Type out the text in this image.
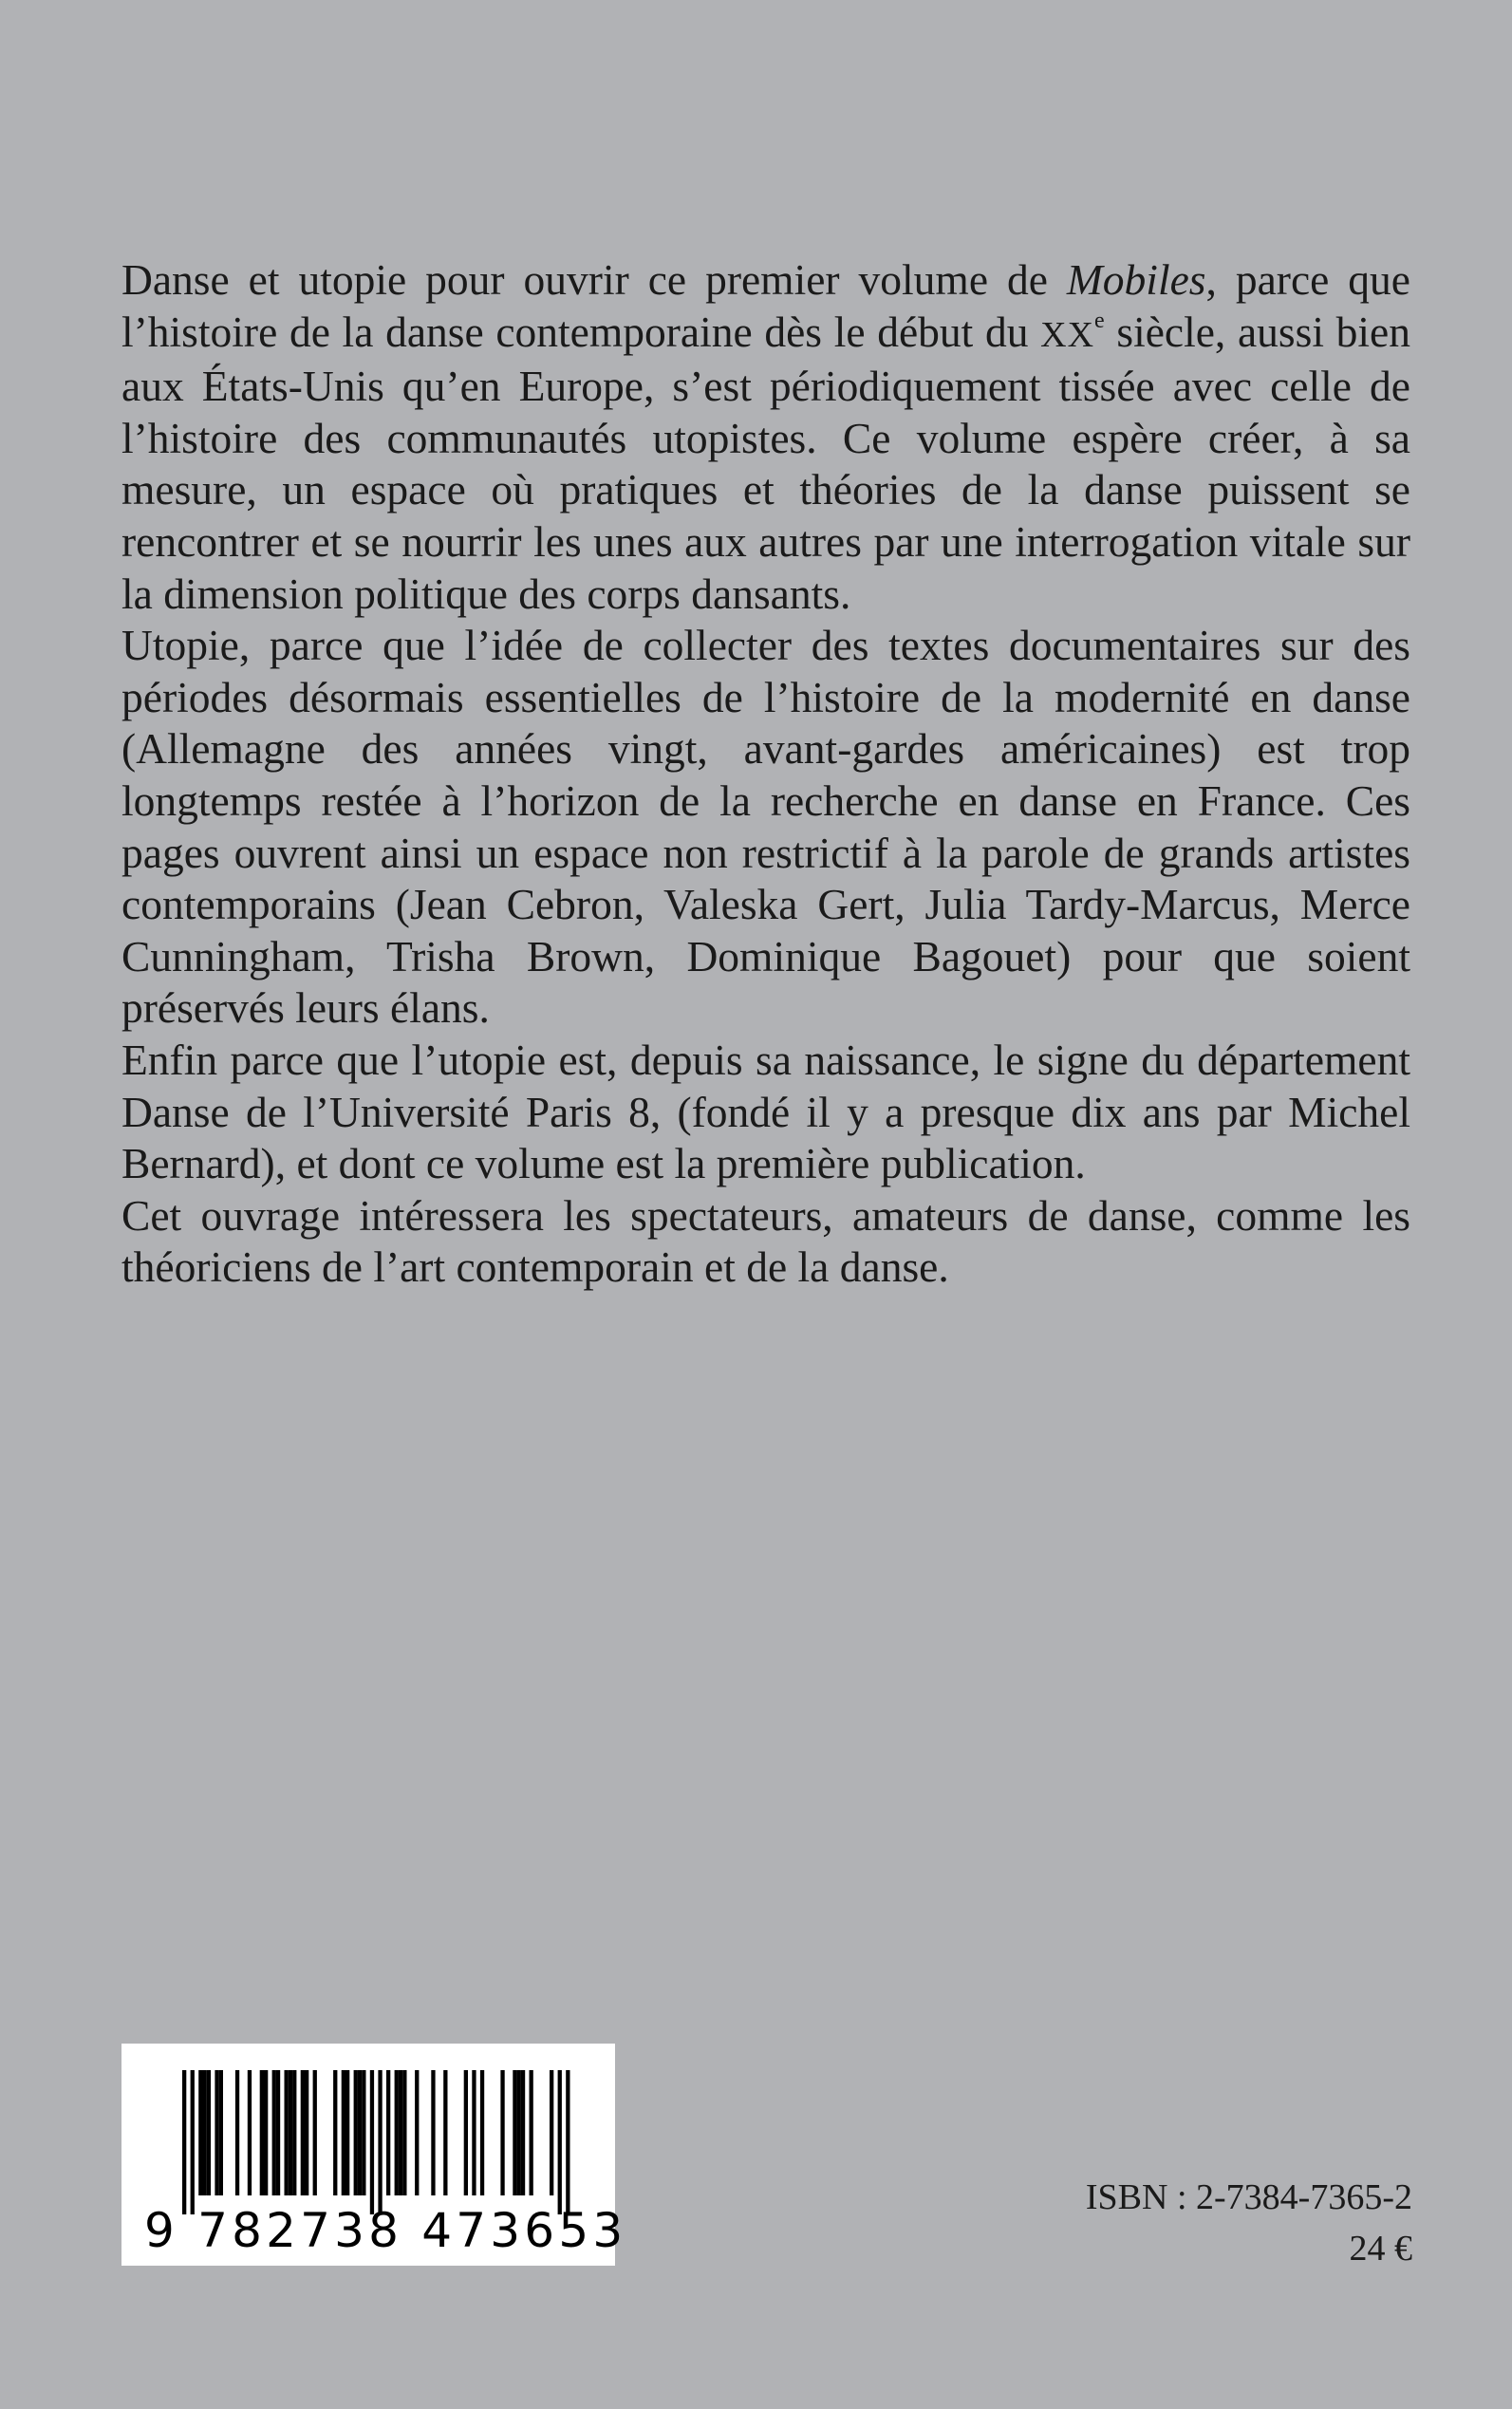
Danse et utopie pour ouvrir ce premier volume de Mobiles, parce que l’histoire de la danse contemporaine dès le début du XXe siècle, aussi bien aux États-Unis qu’en Europe, s’est périodiquement tissée avec celle de l’histoire des communautés utopistes. Ce volume espère créer, à sa mesure, un espace où pratiques et théories de la danse puissent se rencontrer et se nourrir les unes aux autres par une interrogation vitale sur la dimension politique des corps dansants.

Utopie, parce que l’idée de collecter des textes documentaires sur des périodes désormais essentielles de l’histoire de la modernité en danse (Allemagne des années vingt, avant-gardes américaines) est trop longtemps restée à l’horizon de la recherche en danse en France. Ces pages ouvrent ainsi un espace non restrictif à la parole de grands artistes contemporains (Jean Cebron, Valeska Gert, Julia Tardy-Marcus, Merce Cunningham, Trisha Brown, Dominique Bagouet) pour que soient préservés leurs élans.

Enfin parce que l’utopie est, depuis sa naissance, le signe du département Danse de l’Université Paris 8, (fondé il y a presque dix ans par Michel Bernard), et dont ce volume est la première publication.

Cet ouvrage intéressera les spectateurs, amateurs de danse, comme les théoriciens de l’art contemporain et de la danse.

9 782738 473653
ISBN : 2-7384-7365-2
24 €
